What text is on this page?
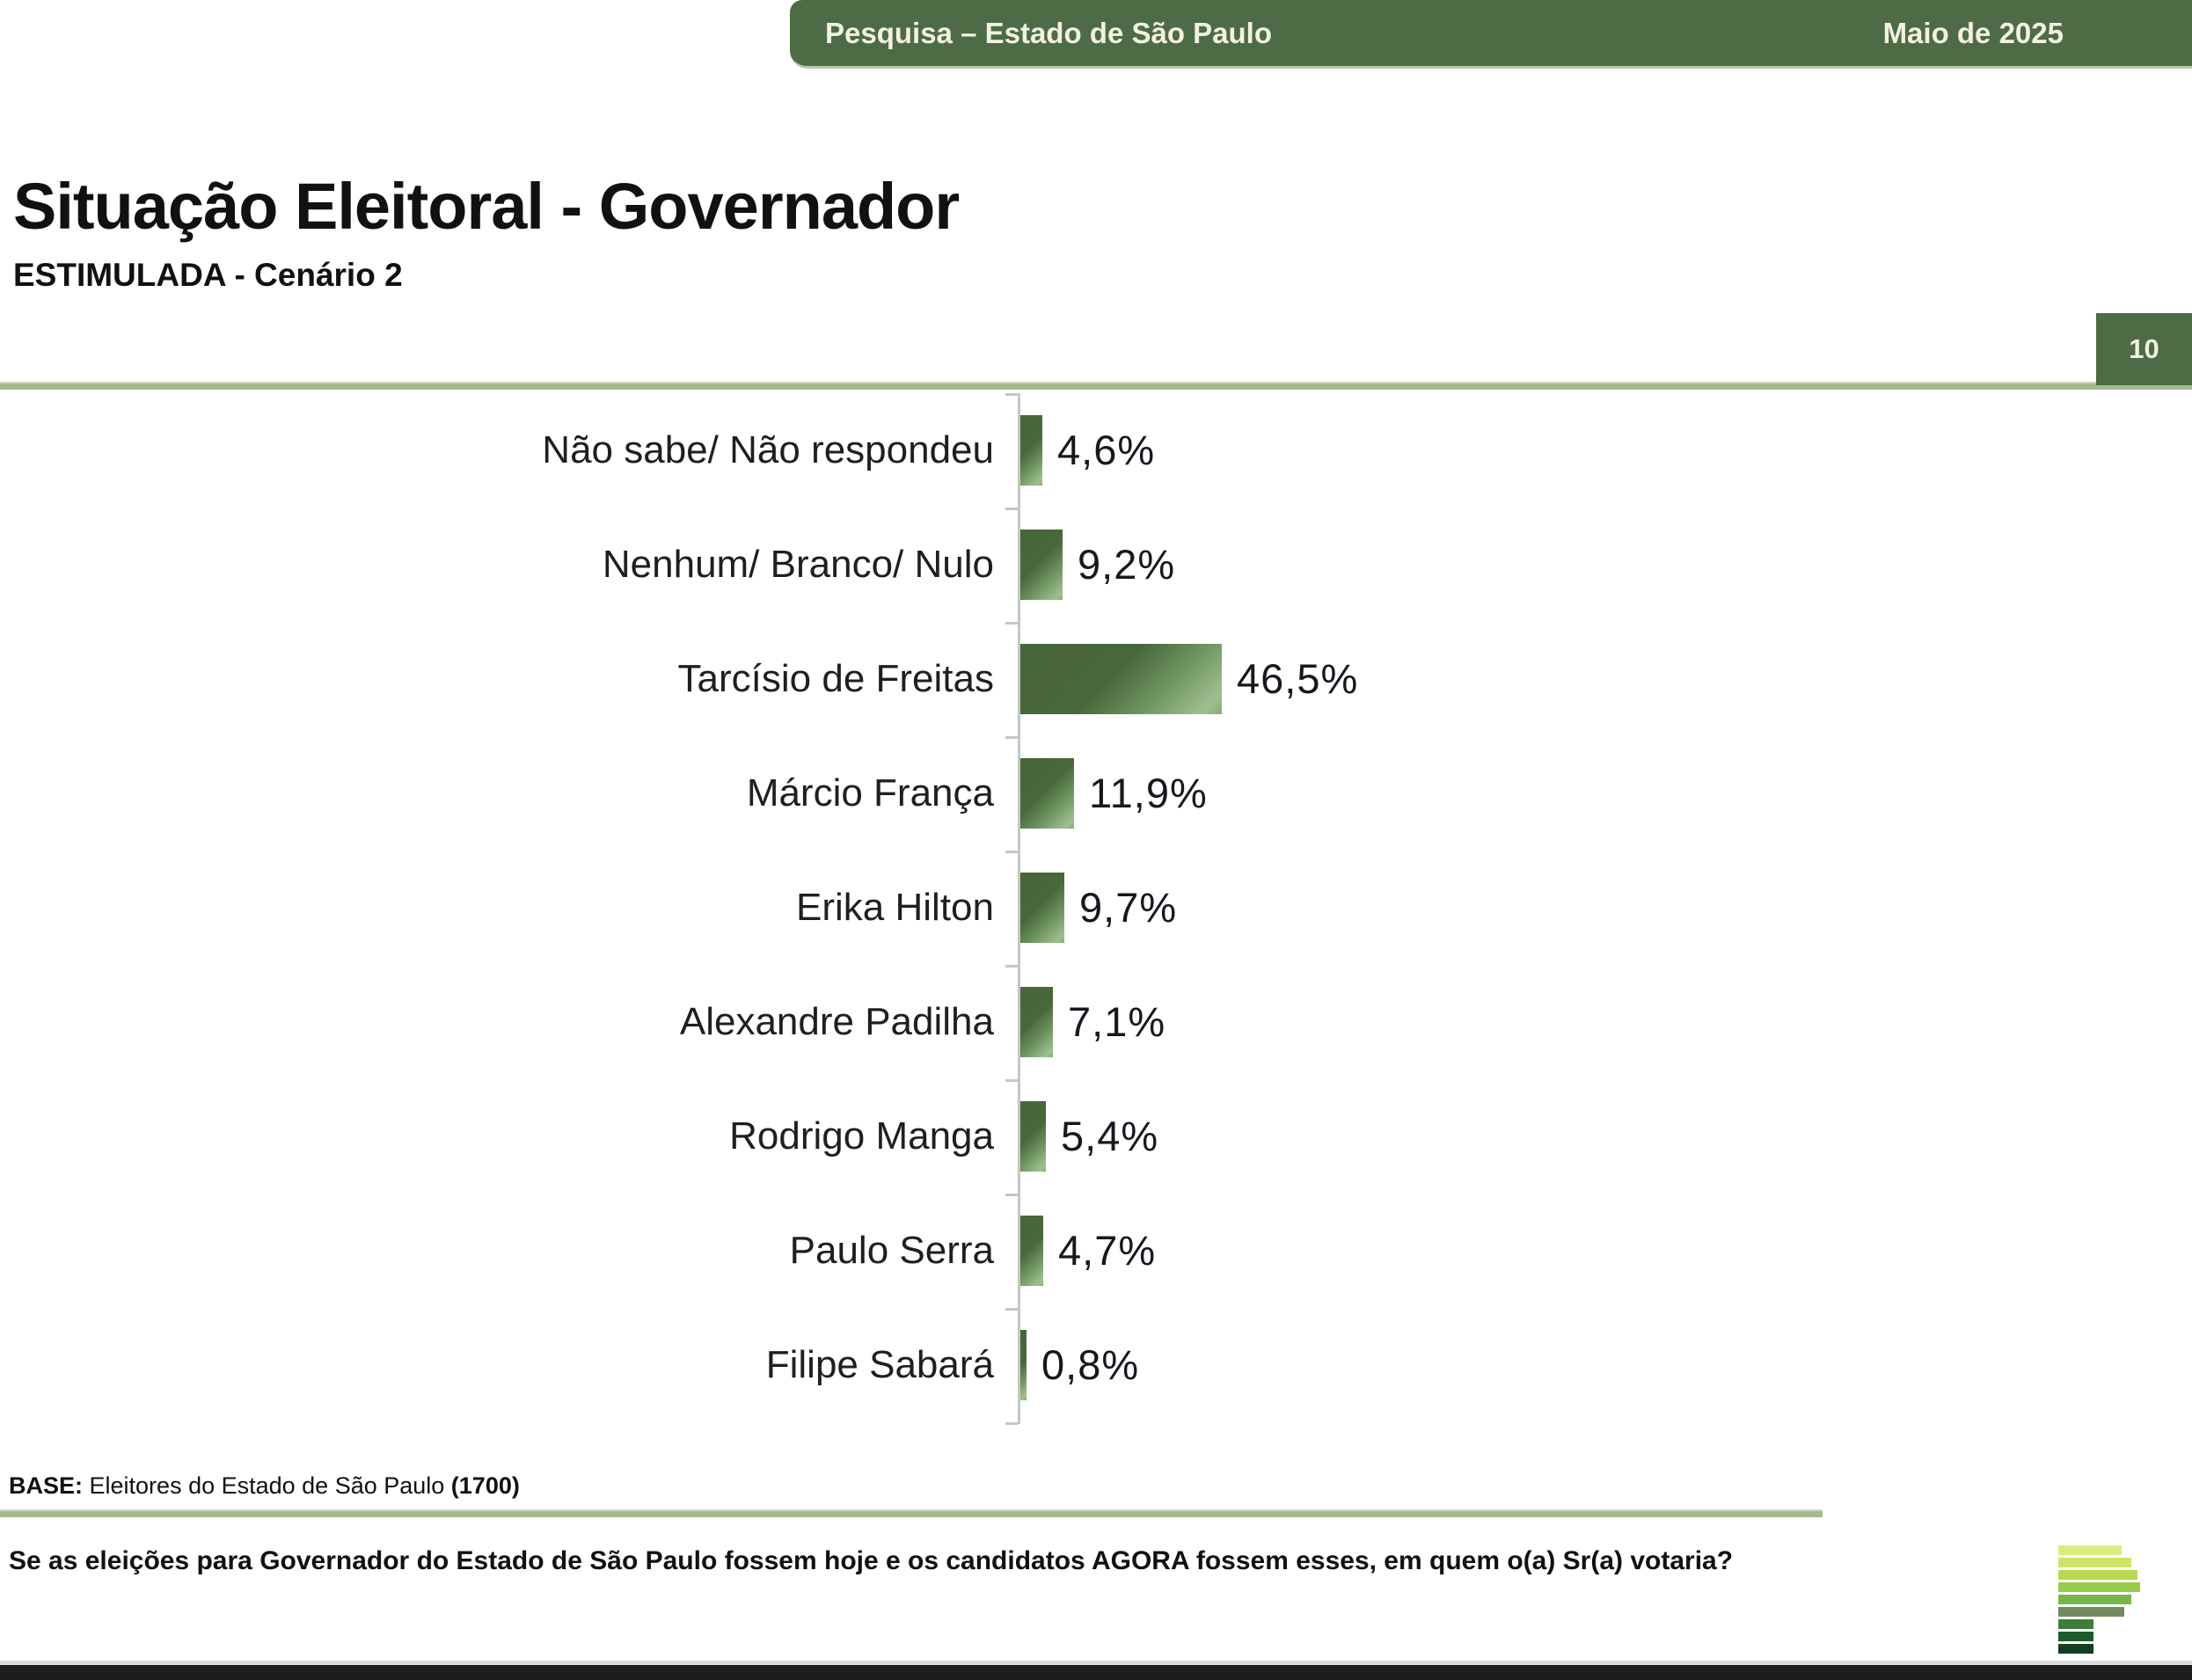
Pesquisa – Estado de São Paulo	Maio de 2025
Situação Eleitoral - Governador
ESTIMULADA - Cenário 2
10
Não sabe/ Não respondeu 4,6%
Nenhum/ Branco/ Nulo 9,2%
Tarcísio de Freitas	46,5%
Márcio França 11,9%
Erika Hilton 9,7%
Alexandre Padilha 7,1%
Rodrigo Manga 5,4%
Paulo Serra 4,7%
Filipe Sabará 0,8%
BASE: Eleitores do Estado de São Paulo (1700)
Se as eleições para Governador do Estado de São Paulo fossem hoje e os candidatos AGORA fossem esses, em quem o(a) Sr(a) votaria?
